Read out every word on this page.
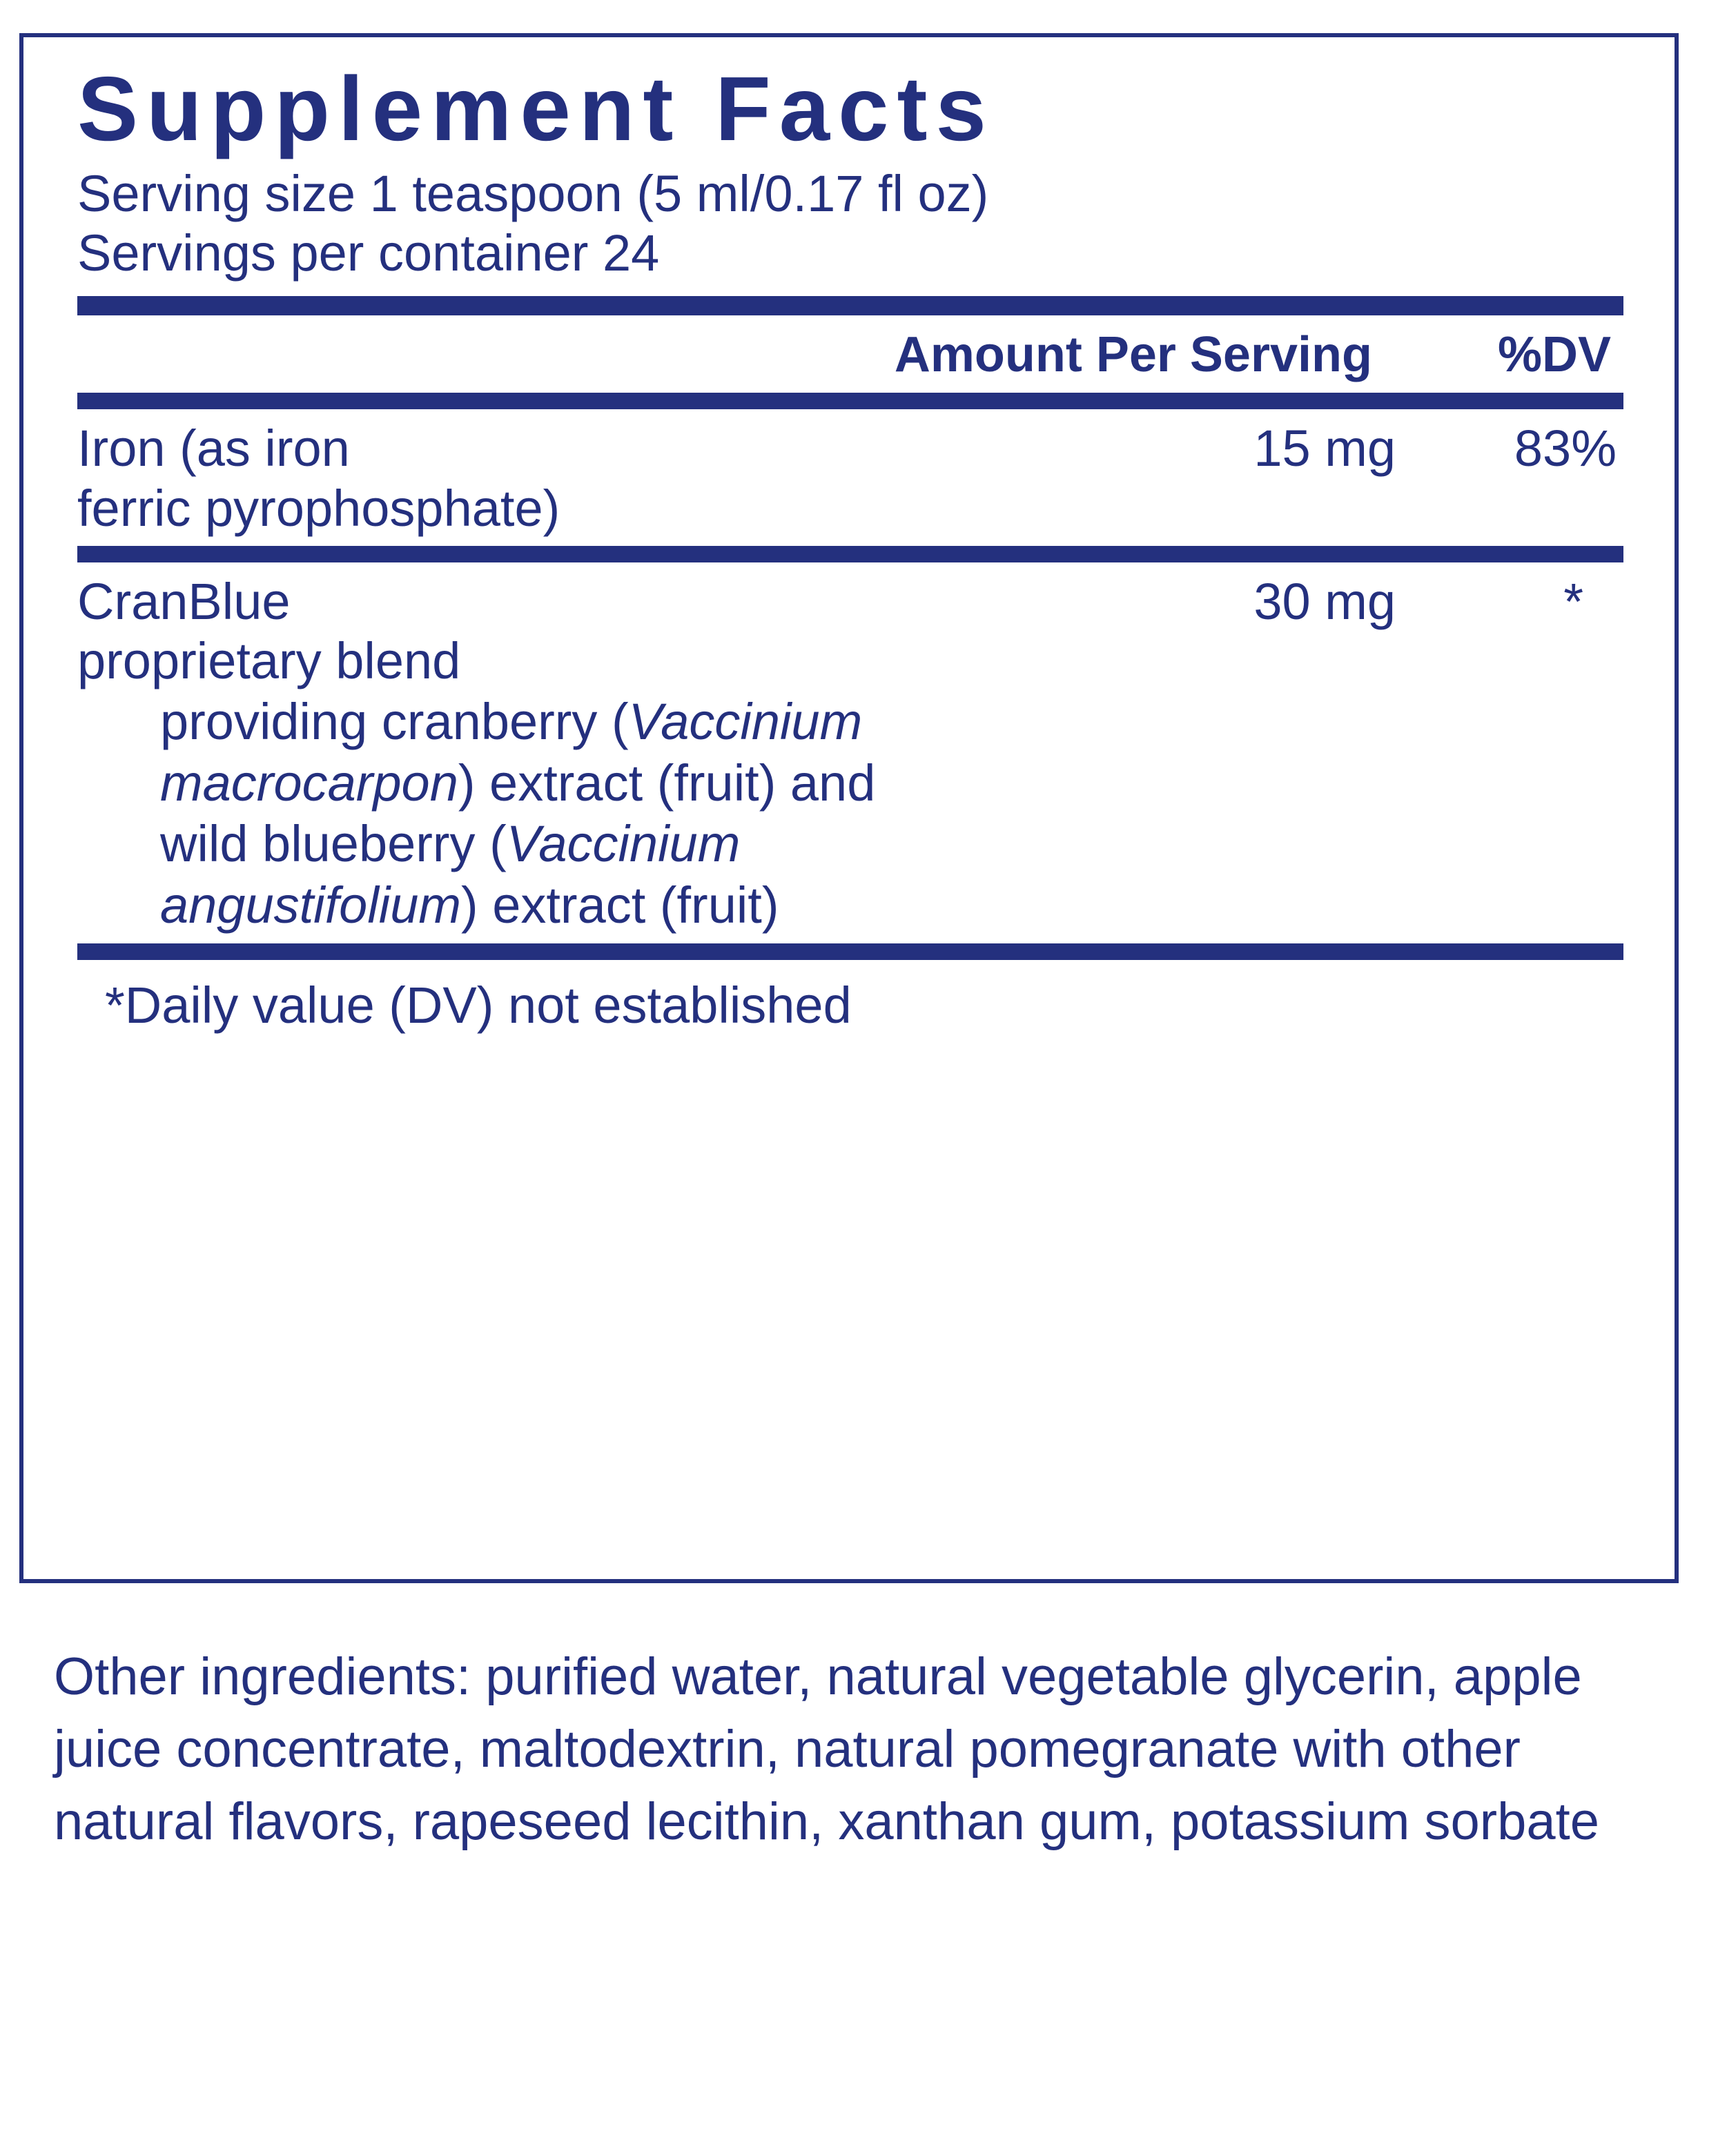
Supplement Facts
Serving size 1 teaspoon (5 ml/0.17 fl oz)
Servings per container 24
Amount Per Serving	%DV
Iron (as iron	15 mg	83%
ferric pyrophosphate)
CranBlue	30 mg	*
proprietary blend
providing cranberry (Vaccinium
macrocarpon) extract (fruit) and
wild blueberry (Vaccinium
angustifolium) extract (fruit)
*Daily value (DV) not established
Other ingredients: purified water, natural vegetable glycerin, apple juice concentrate, maltodextrin, natural pomegranate with other natural flavors, rapeseed lecithin, xanthan gum, potassium sorbate
